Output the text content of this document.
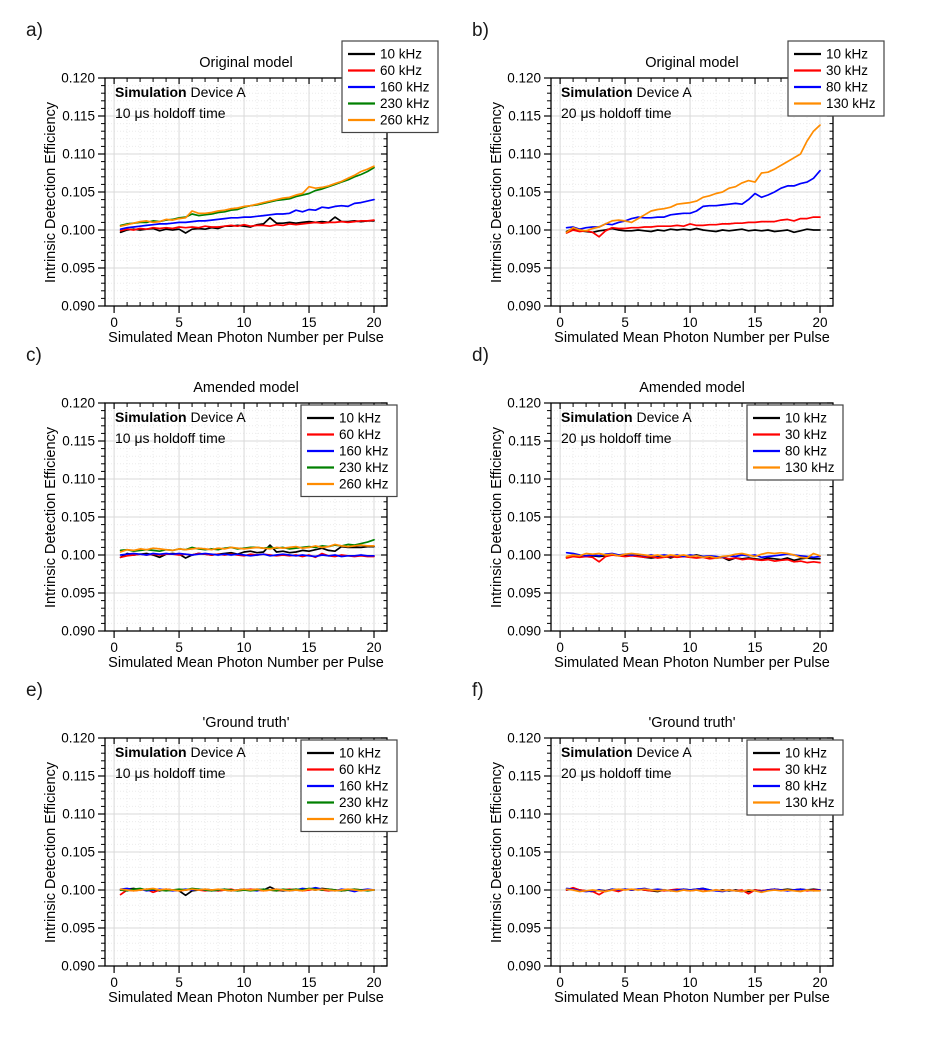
0	5	10	15	20
0.090
0.095
0.100
0.105
0.110
0.115
0.120
10 kHz
60 kHz
160 kHz
230 kHz
260 kHz
a)
Original model
Intrinsic Detection Efficiency
Simulated Mean Photon Number per Pulse
Simulation Device A
10 μs holdoff time
0	5	10	15	20
0.090
0.095
0.100
0.105
0.110
0.115
0.120
10 kHz
30 kHz
80 kHz
130 kHz
b)
Original model
Intrinsic Detection Efficiency
Simulated Mean Photon Number per Pulse
Simulation Device A
20 μs holdoff time
0	5	10	15	20
0.090
0.095
0.100
0.105
0.110
0.115
0.120
10 kHz
60 kHz
160 kHz
230 kHz
260 kHz
c)
Amended model
Intrinsic Detection Efficiency
Simulated Mean Photon Number per Pulse
Simulation Device A
10 μs holdoff time
0	5	10	15	20
0.090
0.095
0.100
0.105
0.110
0.115
0.120
10 kHz
30 kHz
80 kHz
130 kHz
d)
Amended model
Intrinsic Detection Efficiency
Simulated Mean Photon Number per Pulse
Simulation Device A
20 μs holdoff time
0	5	10	15	20
0.090
0.095
0.100
0.105
0.110
0.115
0.120
10 kHz
60 kHz
160 kHz
230 kHz
260 kHz
e)
'Ground truth'
Intrinsic Detection Efficiency
Simulated Mean Photon Number per Pulse
Simulation Device A
10 μs holdoff time
0	5	10	15	20
0.090
0.095
0.100
0.105
0.110
0.115
0.120
10 kHz
30 kHz
80 kHz
130 kHz
f)
'Ground truth'
Intrinsic Detection Efficiency
Simulated Mean Photon Number per Pulse
Simulation Device A
20 μs holdoff time
